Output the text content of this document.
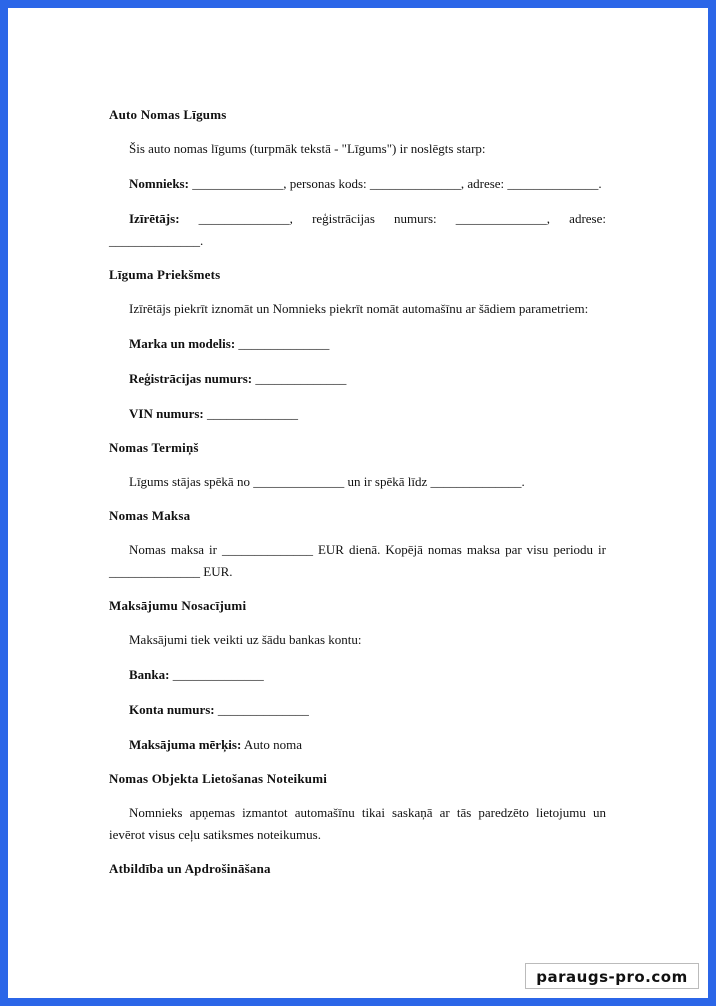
Auto Nomas Līgums

Šis auto nomas līgums (turpmāk tekstā - "Līgums") ir noslēgts starp:

Nomnieks: ______________, personas kods: ______________, adrese: ______________.

Izīrētājs: ______________, reģistrācijas numurs: ______________, adrese: ______________.

Līguma Priekšmets

Izīrētājs piekrīt iznomāt un Nomnieks piekrīt nomāt automašīnu ar šādiem parametriem:

Marka un modelis: ______________

Reģistrācijas numurs: ______________

VIN numurs: ______________

Nomas Termiņš

Līgums stājas spēkā no ______________ un ir spēkā līdz ______________.

Nomas Maksa

Nomas maksa ir ______________ EUR dienā. Kopējā nomas maksa par visu periodu ir ______________ EUR.

Maksājumu Nosacījumi

Maksājumi tiek veikti uz šādu bankas kontu:

Banka: ______________

Konta numurs: ______________

Maksājuma mērķis: Auto noma

Nomas Objekta Lietošanas Noteikumi

Nomnieks apņemas izmantot automašīnu tikai saskaņā ar tās paredzēto lietojumu un ievērot visus ceļu satiksmes noteikumus.

Atbildība un Apdrošināšana

paraugs-pro.com
